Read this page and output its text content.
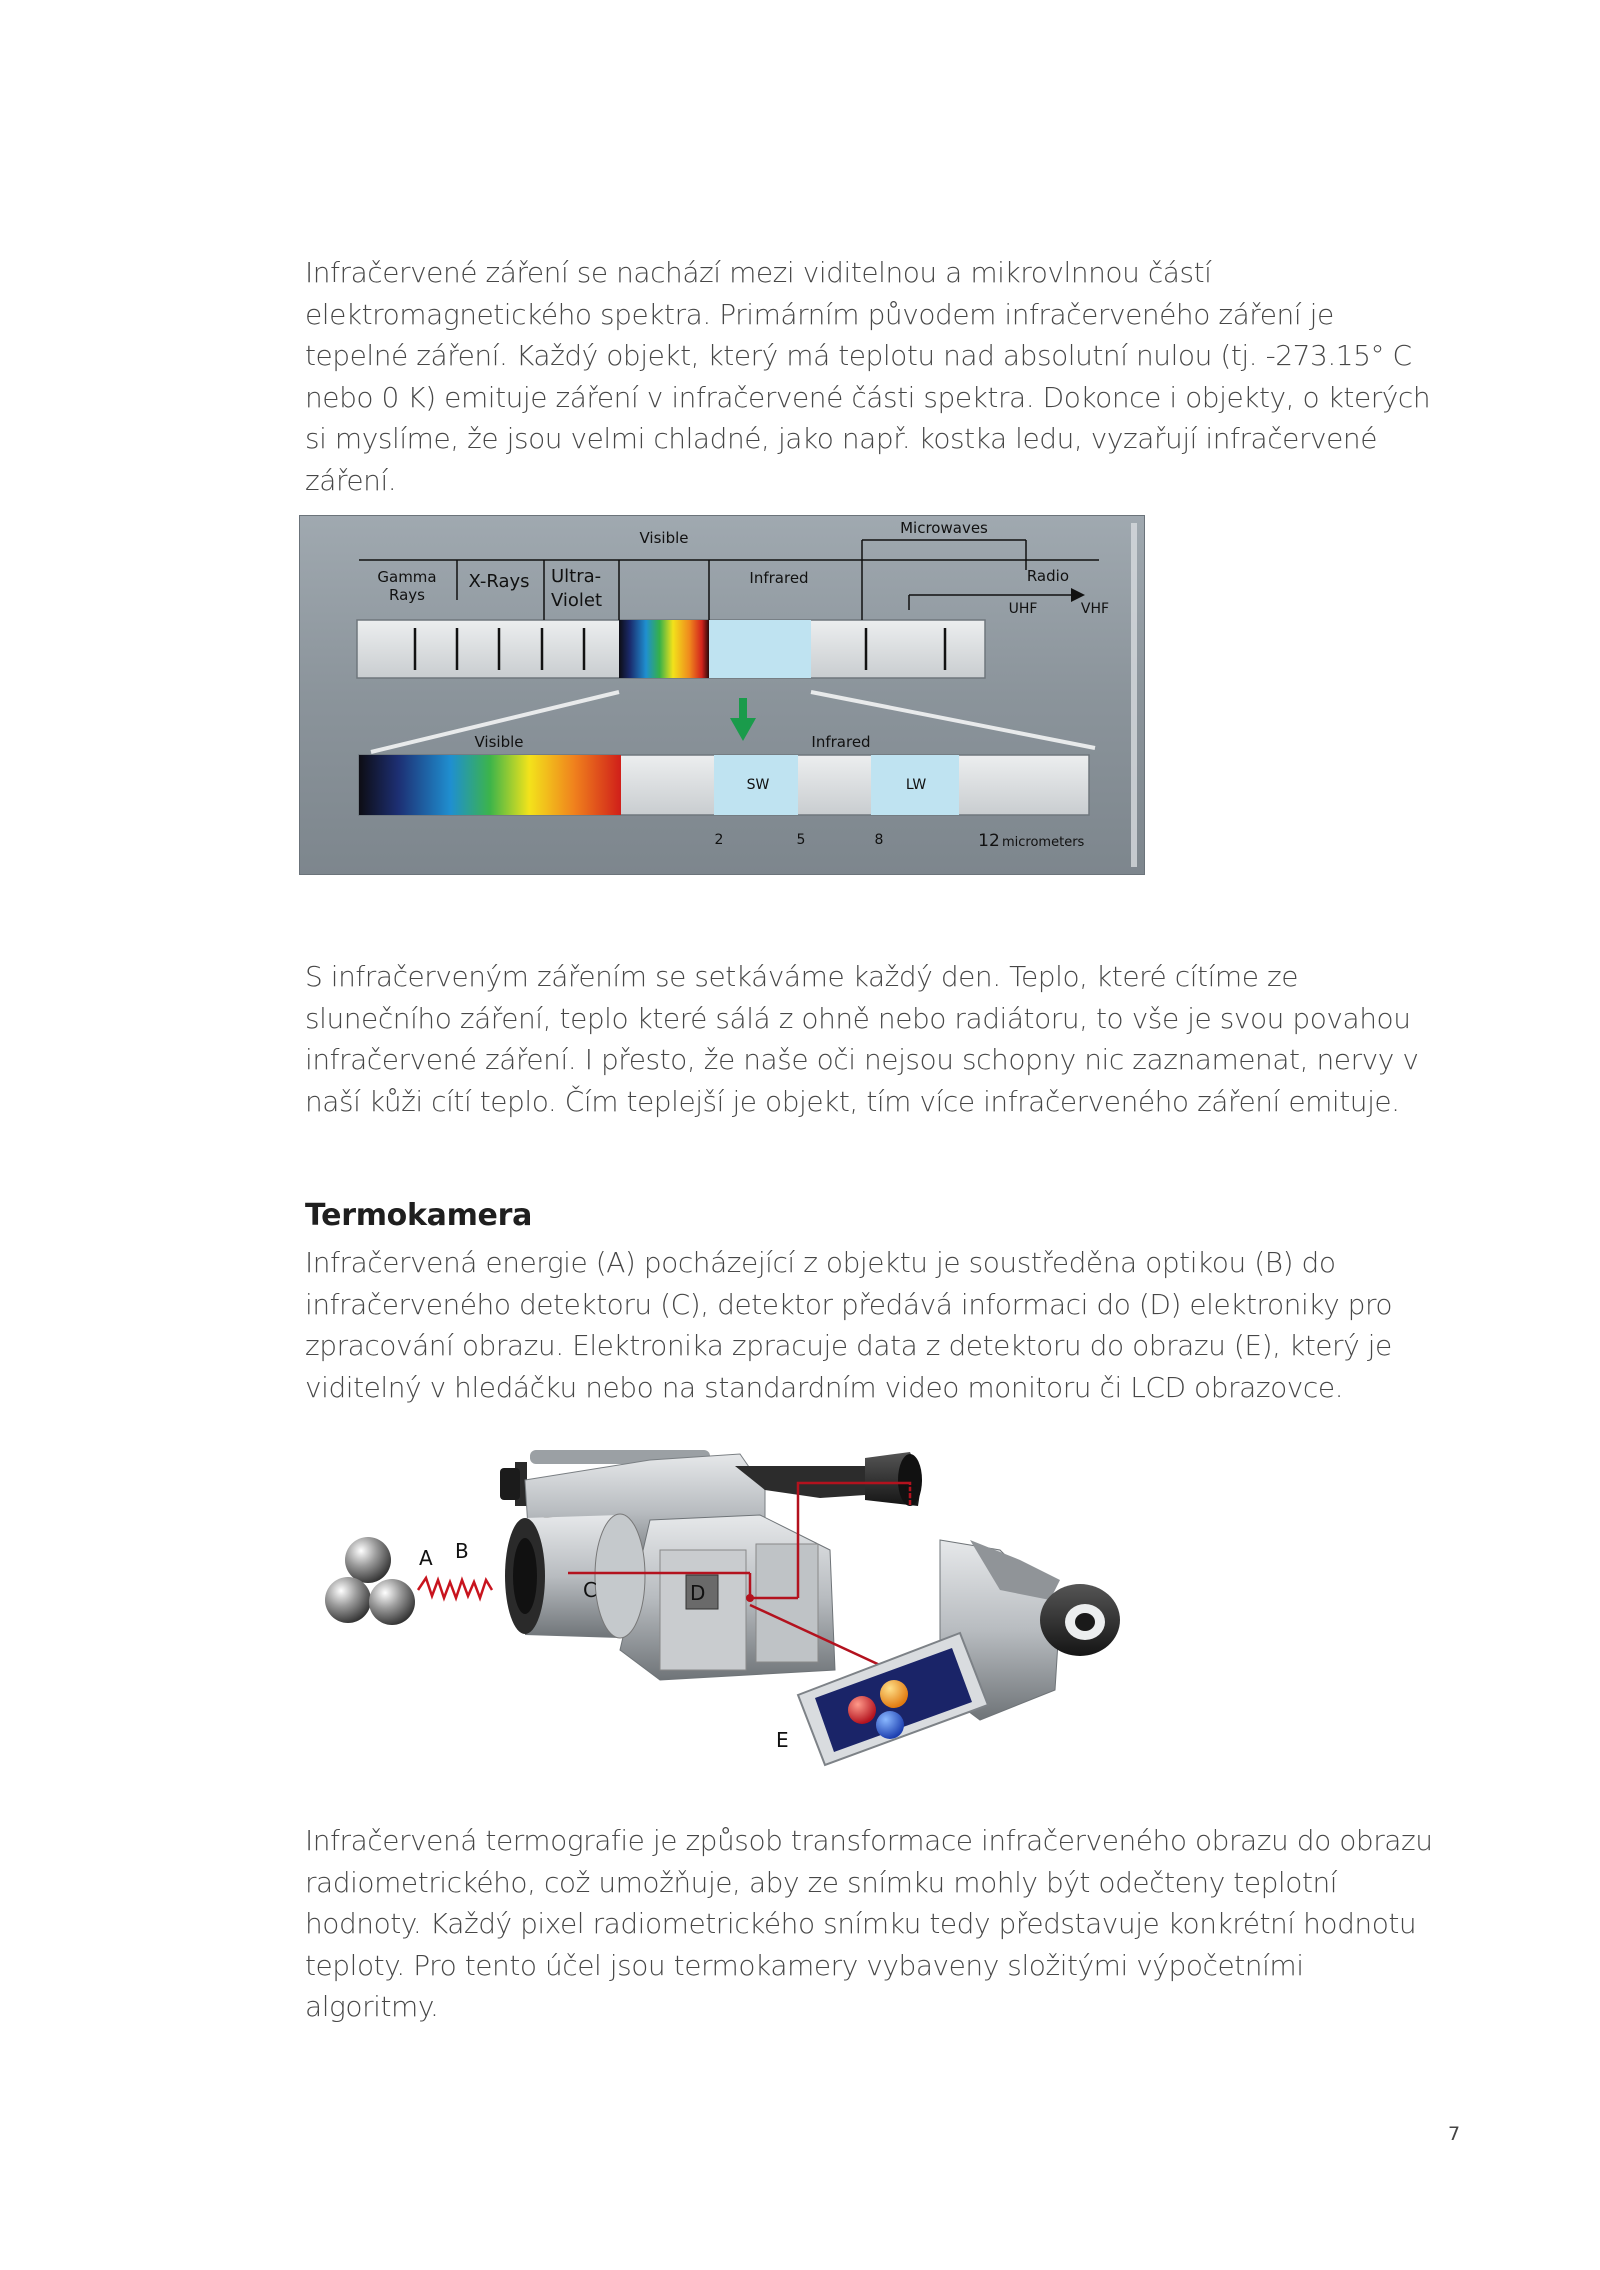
Infračervené záření se nachází mezi viditelnou a mikrovlnnou částí elektromagnetického spektra. Primárním původem infračerveného záření je tepelné záření. Každý objekt, který má teplotu nad absolutní nulou (tj. -273.15° C nebo 0 K) emituje záření v infračervené části spektra. Dokonce i objekty, o kterých si myslíme, že jsou velmi chladné, jako např. kostka ledu, vyzařují infračervené záření.

Gamma
Rays
X-Rays Ultra-
Violet
Visible
Infrared
Microwaves
Radio
UHF	VHF
Visible	Infrared
SW	LW
2	5	8	12 micrometers

S infračerveným zářením se setkáváme každý den. Teplo, které cítíme ze slunečního záření, teplo které sálá z ohně nebo radiátoru, to vše je svou povahou infračervené záření. I přesto, že naše oči nejsou schopny nic zaznamenat, nervy v naší kůži cítí teplo. Čím teplejší je objekt, tím více infračerveného záření emituje.

Termokamera

Infračervená energie (A) pocházející z objektu je soustředěna optikou (B) do infračerveného detektoru (C), detektor předává informaci do (D) elektroniky pro zpracování obrazu. Elektronika zpracuje data z detektoru do obrazu (E), který je viditelný v hledáčku nebo na standardním video monitoru či LCD obrazovce.

A B
C	D
E
E

Infračervená termografie je způsob transformace infračerveného obrazu do obrazu radiometrického, což umožňuje, aby ze snímku mohly být odečteny teplotní hodnoty. Každý pixel radiometrického snímku tedy představuje konkrétní hodnotu teploty. Pro tento účel jsou termokamery vybaveny složitými výpočetními algoritmy.

7
